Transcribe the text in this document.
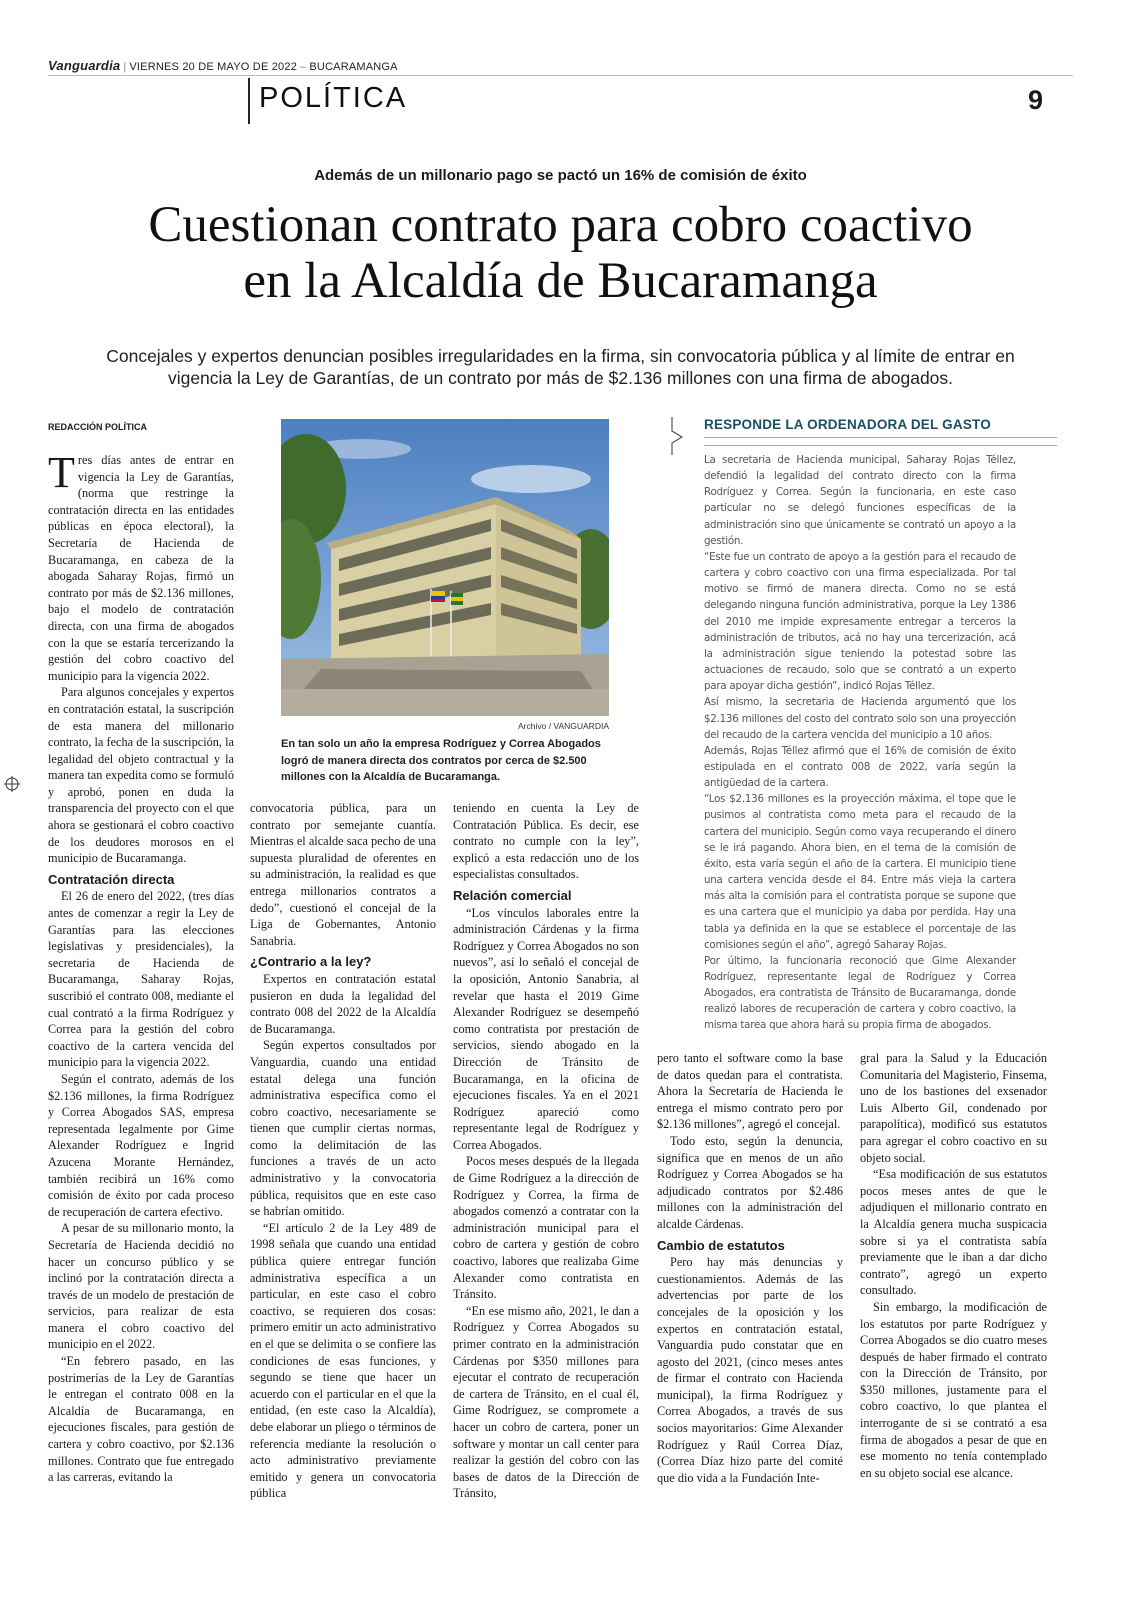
Vanguardia | VIERNES 20 DE MAYO DE 2022 – BUCARAMANGA
POLÍTICA	9
Además de un millonario pago se pactó un 16% de comisión de éxito
Cuestionan contrato para cobro coactivo
en la Alcaldía de Bucaramanga
Concejales y expertos denuncian posibles irregularidades en la firma, sin convocatoria pública y al límite de entrar en vigencia la Ley de Garantías, de un contrato por más de $2.136 millones con una firma de abogados.
REDACCIÓN POLÍTICA

Tres días antes de entrar en vigencia la Ley de Garantías, (norma que restringe la contratación directa en las entidades públicas en época electoral), la Secretaría de Hacienda de Bucaramanga, en cabeza de la abogada Saharay Rojas, firmó un contrato por más de $2.136 millones, bajo el modelo de contratación directa, con una firma de abogados con la que se estaría tercerizando la gestión del cobro coactivo del municipio para la vigencia 2022.

Para algunos concejales y expertos en contratación estatal, la suscripción de esta manera del millonario contrato, la fecha de la suscripción, la legalidad del objeto contractual y la manera tan expedita como se formuló y aprobó, ponen en duda la transparencia del proyecto con el que ahora se gestionará el cobro coactivo de los deudores morosos en el municipio de Bucaramanga.

Contratación directa

El 26 de enero del 2022, (tres días antes de comenzar a regir la Ley de Garantías para las elecciones legislativas y presidenciales), la secretaria de Hacienda de Bucaramanga, Saharay Rojas, suscribió el contrato 008, mediante el cual contrató a la firma Rodríguez y Correa para la gestión del cobro coactivo de la cartera vencida del municipio para la vigencia 2022.

Según el contrato, además de los $2.136 millones, la firma Rodríguez y Correa Abogados SAS, empresa representada legalmente por Gime Alexander Rodríguez e Ingrid Azucena Morante Hernández, también recibirá un 16% como comisión de éxito por cada proceso de recuperación de cartera efectivo.

A pesar de su millonario monto, la Secretaría de Hacienda decidió no hacer un concurso público y se inclinó por la contratación directa a través de un modelo de prestación de servicios, para realizar de esta manera el cobro coactivo del municipio en el 2022.

“En febrero pasado, en las postrimerías de la Ley de Garantías le entregan el contrato 008 en la Alcaldía de Bucaramanga, en ejecuciones fiscales, para gestión de cartera y cobro coactivo, por $2.136 millones. Contrato que fue entregado a las carreras, evitando la

Archivo / VANGUARDIA
En tan solo un año la empresa Rodríguez y Correa Abogados logró de manera directa dos contratos por cerca de $2.500 millones con la Alcaldía de Bucaramanga.

convocatoria pública, para un contrato por semejante cuantía. Mientras el alcalde saca pecho de una supuesta pluralidad de oferentes en su administración, la realidad es que entrega millonarios contratos a dedo”, cuestionó el concejal de la Liga de Gobernantes, Antonio Sanabria.

¿Contrario a la ley?

Expertos en contratación estatal pusieron en duda la legalidad del contrato 008 del 2022 de la Alcaldía de Bucaramanga.

Según expertos consultados por Vanguardia, cuando una entidad estatal delega una función administrativa específica como el cobro coactivo, necesariamente se tienen que cumplir ciertas normas, como la delimitación de las funciones a través de un acto administrativo y la convocatoria pública, requisitos que en este caso se habrían omitido.

“El artículo 2 de la Ley 489 de 1998 señala que cuando una entidad pública quiere entregar función administrativa específica a un particular, en este caso el cobro coactivo, se requieren dos cosas: primero emitir un acto administrativo en el que se delimita o se confiere las condiciones de esas funciones, y segundo se tiene que hacer un acuerdo con el particular en el que la entidad, (en este caso la Alcaldía), debe elaborar un pliego o términos de referencia mediante la resolución o acto administrativo previamente emitido y genera un convocatoria pública

teniendo en cuenta la Ley de Contratación Pública. Es decir, ese contrato no cumple con la ley”, explicó a esta redacción uno de los especialistas consultados.

Relación comercial

“Los vínculos laborales entre la administración Cárdenas y la firma Rodríguez y Correa Abogados no son nuevos”, así lo señaló el concejal de la oposición, Antonio Sanabria, al revelar que hasta el 2019 Gime Alexander Rodríguez se desempeñó como contratista por prestación de servicios, siendo abogado en la Dirección de Tránsito de Bucaramanga, en la oficina de ejecuciones fiscales. Ya en el 2021 Rodríguez apareció como representante legal de Rodríguez y Correa Abogados.

Pocos meses después de la llegada de Gime Rodríguez a la dirección de Rodríguez y Correa, la firma de abogados comenzó a contratar con la administración municipal para el cobro de cartera y gestión de cobro coactivo, labores que realizaba Gime Alexander como contratista en Tránsito.

“En ese mismo año, 2021, le dan a Rodríguez y Correa Abogados su primer contrato en la administración Cárdenas por $350 millones para ejecutar el contrato de recuperación de cartera de Tránsito, en el cual él, Gime Rodríguez, se compromete a hacer un cobro de cartera, poner un software y montar un call center para realizar la gestión del cobro con las bases de datos de la Dirección de Tránsito,

RESPONDE LA ORDENADORA DEL GASTO

La secretaria de Hacienda municipal, Saharay Rojas Téllez, defendió la legalidad del contrato directo con la firma Rodríguez y Correa. Según la funcionaria, en este caso particular no se delegó funciones específicas de la administración sino que únicamente se contrató un apoyo a la gestión.

“Este fue un contrato de apoyo a la gestión para el recaudo de cartera y cobro coactivo con una firma especializada. Por tal motivo se firmó de manera directa. Como no se está delegando ninguna función administrativa, porque la Ley 1386 del 2010 me impide expresamente entregar a terceros la administración de tributos, acá no hay una tercerización, acá la administración sigue teniendo la potestad sobre las actuaciones de recaudo, solo que se contrató a un experto para apoyar dicha gestión”, indicó Rojas Téllez.

Así mismo, la secretaria de Hacienda argumentó que los $2.136 millones del costo del contrato solo son una proyección del recaudo de la cartera vencida del municipio a 10 años.

Además, Rojas Téllez afirmó que el 16% de comisión de éxito estipulada en el contrato 008 de 2022, varía según la antigüedad de la cartera.

“Los $2.136 millones es la proyección máxima, el tope que le pusimos al contratista como meta para el recaudo de la cartera del municipio. Según como vaya recuperando el dinero se le irá pagando. Ahora bien, en el tema de la comisión de éxito, esta varía según el año de la cartera. El municipio tiene una cartera vencida desde el 84. Entre más vieja la cartera más alta la comisión para el contratista porque se supone que es una cartera que el municipio ya daba por perdida. Hay una tabla ya definida en la que se establece el porcentaje de las comisiones según el año”, agregó Saharay Rojas.

Por último, la funcionaria reconoció que Gime Alexander Rodríguez, representante legal de Rodríguez y Correa Abogados, era contratista de Tránsito de Bucaramanga, donde realizó labores de recuperación de cartera y cobro coactivo, la misma tarea que ahora hará su propia firma de abogados.

pero tanto el software como la base de datos quedan para el contratista. Ahora la Secretaría de Hacienda le entrega el mismo contrato pero por $2.136 millones”, agregó el concejal.

Todo esto, según la denuncia, significa que en menos de un año Rodríguez y Correa Abogados se ha adjudicado contratos por $2.486 millones con la administración del alcalde Cárdenas.

Cambio de estatutos

Pero hay más denuncias y cuestionamientos. Además de las advertencias por parte de los concejales de la oposición y los expertos en contratación estatal, Vanguardia pudo constatar que en agosto del 2021, (cinco meses antes de firmar el contrato con Hacienda municipal), la firma Rodríguez y Correa Abogados, a través de sus socios mayoritarios: Gime Alexander Rodríguez y Raúl Correa Díaz, (Correa Díaz hizo parte del comité que dio vida a la Fundación Inte-

gral para la Salud y la Educación Comunitaria del Magisterio, Finsema, uno de los bastiones del exsenador Luis Alberto Gil, condenado por parapolítica), modificó sus estatutos para agregar el cobro coactivo en su objeto social.

“Esa modificación de sus estatutos pocos meses antes de que le adjudiquen el millonario contrato en la Alcaldía genera mucha suspicacia sobre si ya el contratista sabía previamente que le iban a dar dicho contrato”, agregó un experto consultado.

Sin embargo, la modificación de los estatutos por parte Rodríguez y Correa Abogados se dio cuatro meses después de haber firmado el contrato con la Dirección de Tránsito, por $350 millones, justamente para el cobro coactivo, lo que plantea el interrogante de si se contrató a esa firma de abogados a pesar de que en ese momento no tenía contemplado en su objeto social ese alcance.
